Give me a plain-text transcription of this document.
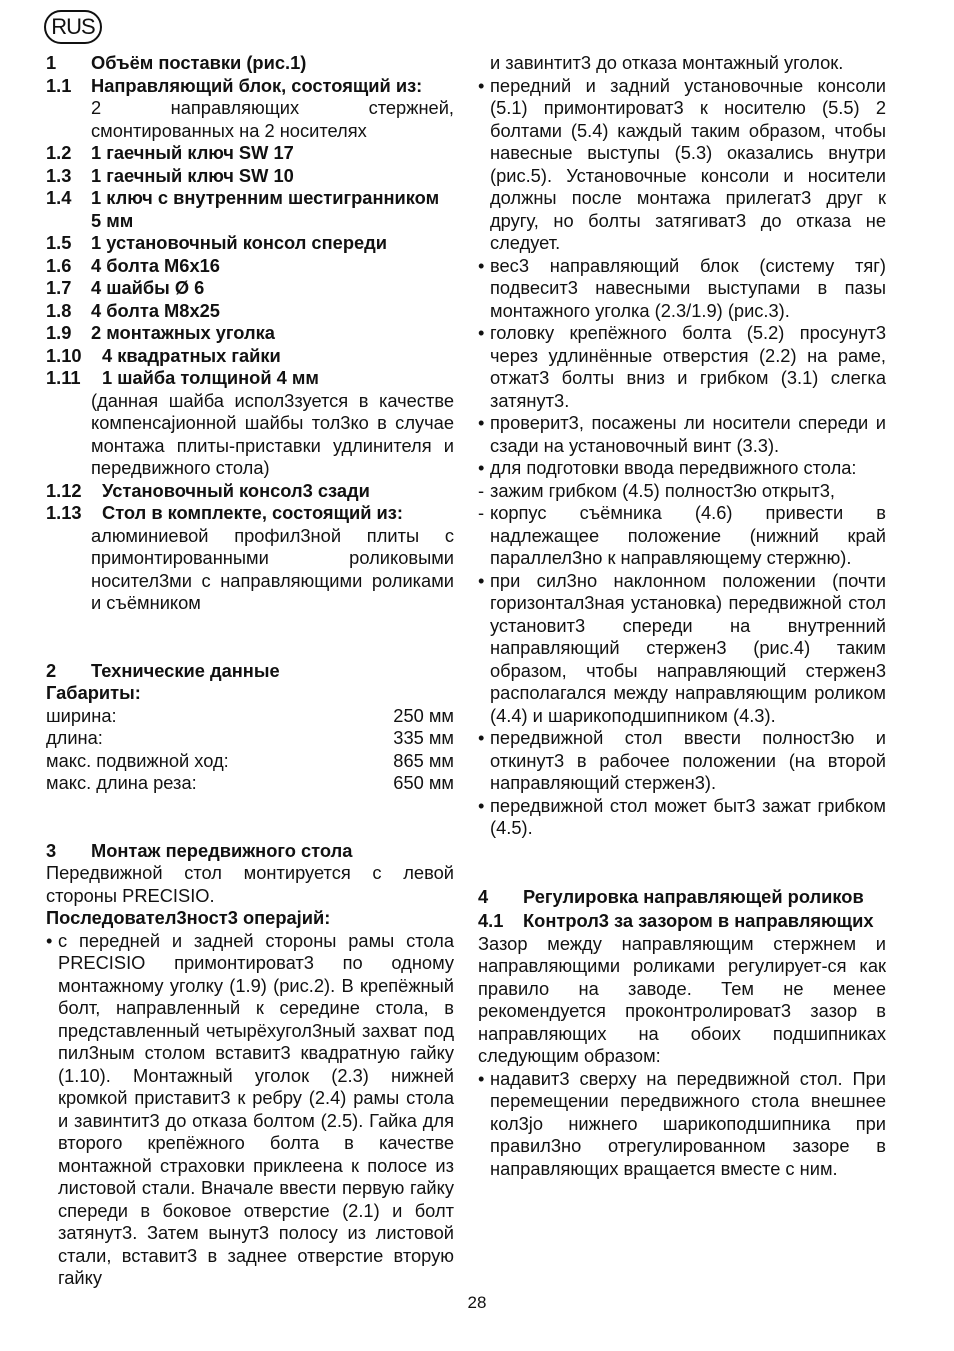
RUS
1	Объём поставки (рис.1)
1.1	Направляющий блок, состоящий из:
2 направляющих стержней, смонтированных на 2 носителях
1.2	1 гаечный ключ SW 17
1.3	1 гаечный ключ SW 10
1.4	1 ключ с внутренним шестигранником 5 мм
1.5	1 установочный консол спереди
1.6	4 болта М6х16
1.7	4 шайбы Ø 6
1.8	4 болта М8х25
1.9	2 монтажных уголка
1.10	4 квадратных гайки
1.11	1 шайба толщиной 4 мм
(данная шайба испол3зуется в качестве компенсаjионной шайбы тол3ко в случае монтажа плиты-приставки удлинителя и передвижного стола)
1.12	Установочный консол3 сзади
1.13	Стол в комплекте, состоящий из:
алюминиевой профил3ной плиты с примонтированными роликовыми носител3ми с направляющими роликами и съёмником
2	Технические данные
Габариты:
ширина:	250 мм
длина:	335 мм
макс. подвижной ход:	865 мм
макс. длина реза:	650 мм
3	Монтаж передвижного стола
Передвижной стол монтируется с левой стороны PRECISIO.
Последовател3ност3 операjий:
• с передней и задней стороны рамы стола PRECISIO примонтироват3 по одному монтажному уголку (1.9) (рис.2). В крепёжный болт, направленный к середине стола, в представленный четырёхугол3ный захват под пил3ным столом вставит3 квадратную гайку (1.10). Монтажный уголок (2.3) нижней кромкой приставит3 к ребру (2.4) рамы стола и завинтит3 до отказа болтом (2.5). Гайка для второго крепёжного болта в качестве монтажной страховки приклеена к полосе из листовой стали. Вначале ввести первую гайку спереди в боковое отверстие (2.1) и болт затянут3. Затем вынут3 полосу из листовой стали, вставит3 в заднее отверстие вторую гайку
и завинтит3 до отказа монтажный уголок.
• передний и задний установочные консоли (5.1) примонтироват3 к носителю (5.5) 2 болтами (5.4) каждый таким образом, чтобы навесные выступы (5.3) оказались внутри (рис.5). Установочные консоли и носители должны после монтажа прилегат3 друг к другу, но болты затягиват3 до отказа не следует.
• вес3 направляющий блок (систему тяг) подвесит3 навесными выступами в пазы монтажного уголка (2.3/1.9) (рис.3).
• головку крепёжного болта (5.2) просунут3 через удлинённые отверстия (2.2) на раме, отжат3 болты вниз и грибком (3.1) слегка затянут3.
• проверит3, посажены ли носители спереди и сзади на установочный винт (3.3).
• для подготовки ввода передвижного стола:
- зажим грибком (4.5) полност3ю открыт3,
- корпус съёмника (4.6) привести в надлежащее положение (нижний край параллел3но к направляющему стержню).
• при сил3но наклонном положении (почти горизонтал3ная установка) передвижной стол установит3 спереди на внутренний направляющий стержен3 (рис.4) таким образом, чтобы направляющий стержен3 располагался между направляющим роликом (4.4) и шарикоподшипником (4.3).
• передвижной стол ввести полност3ю и откинут3 в рабочее положении (на второй направляющий стержен3).
• передвижной стол может быт3 зажат грибком (4.5).
4	Регулировка направляющей роликов
4.1	Контрол3 за зазором в направляющих
Зазор между направляющим стержнем и направляющими роликами регулирует-ся как правило на заводе. Тем не менее рекомендуется проконтролироват3 зазор в направляющих на обоих подшипниках следующим образом:
• надавит3 сверху на передвижной стол. При перемещении передвижного стола внешнее кол3jо нижнего шарикоподшипника при правил3но отрегулированном зазоре в направляющих вращается вместе с ним.
28
